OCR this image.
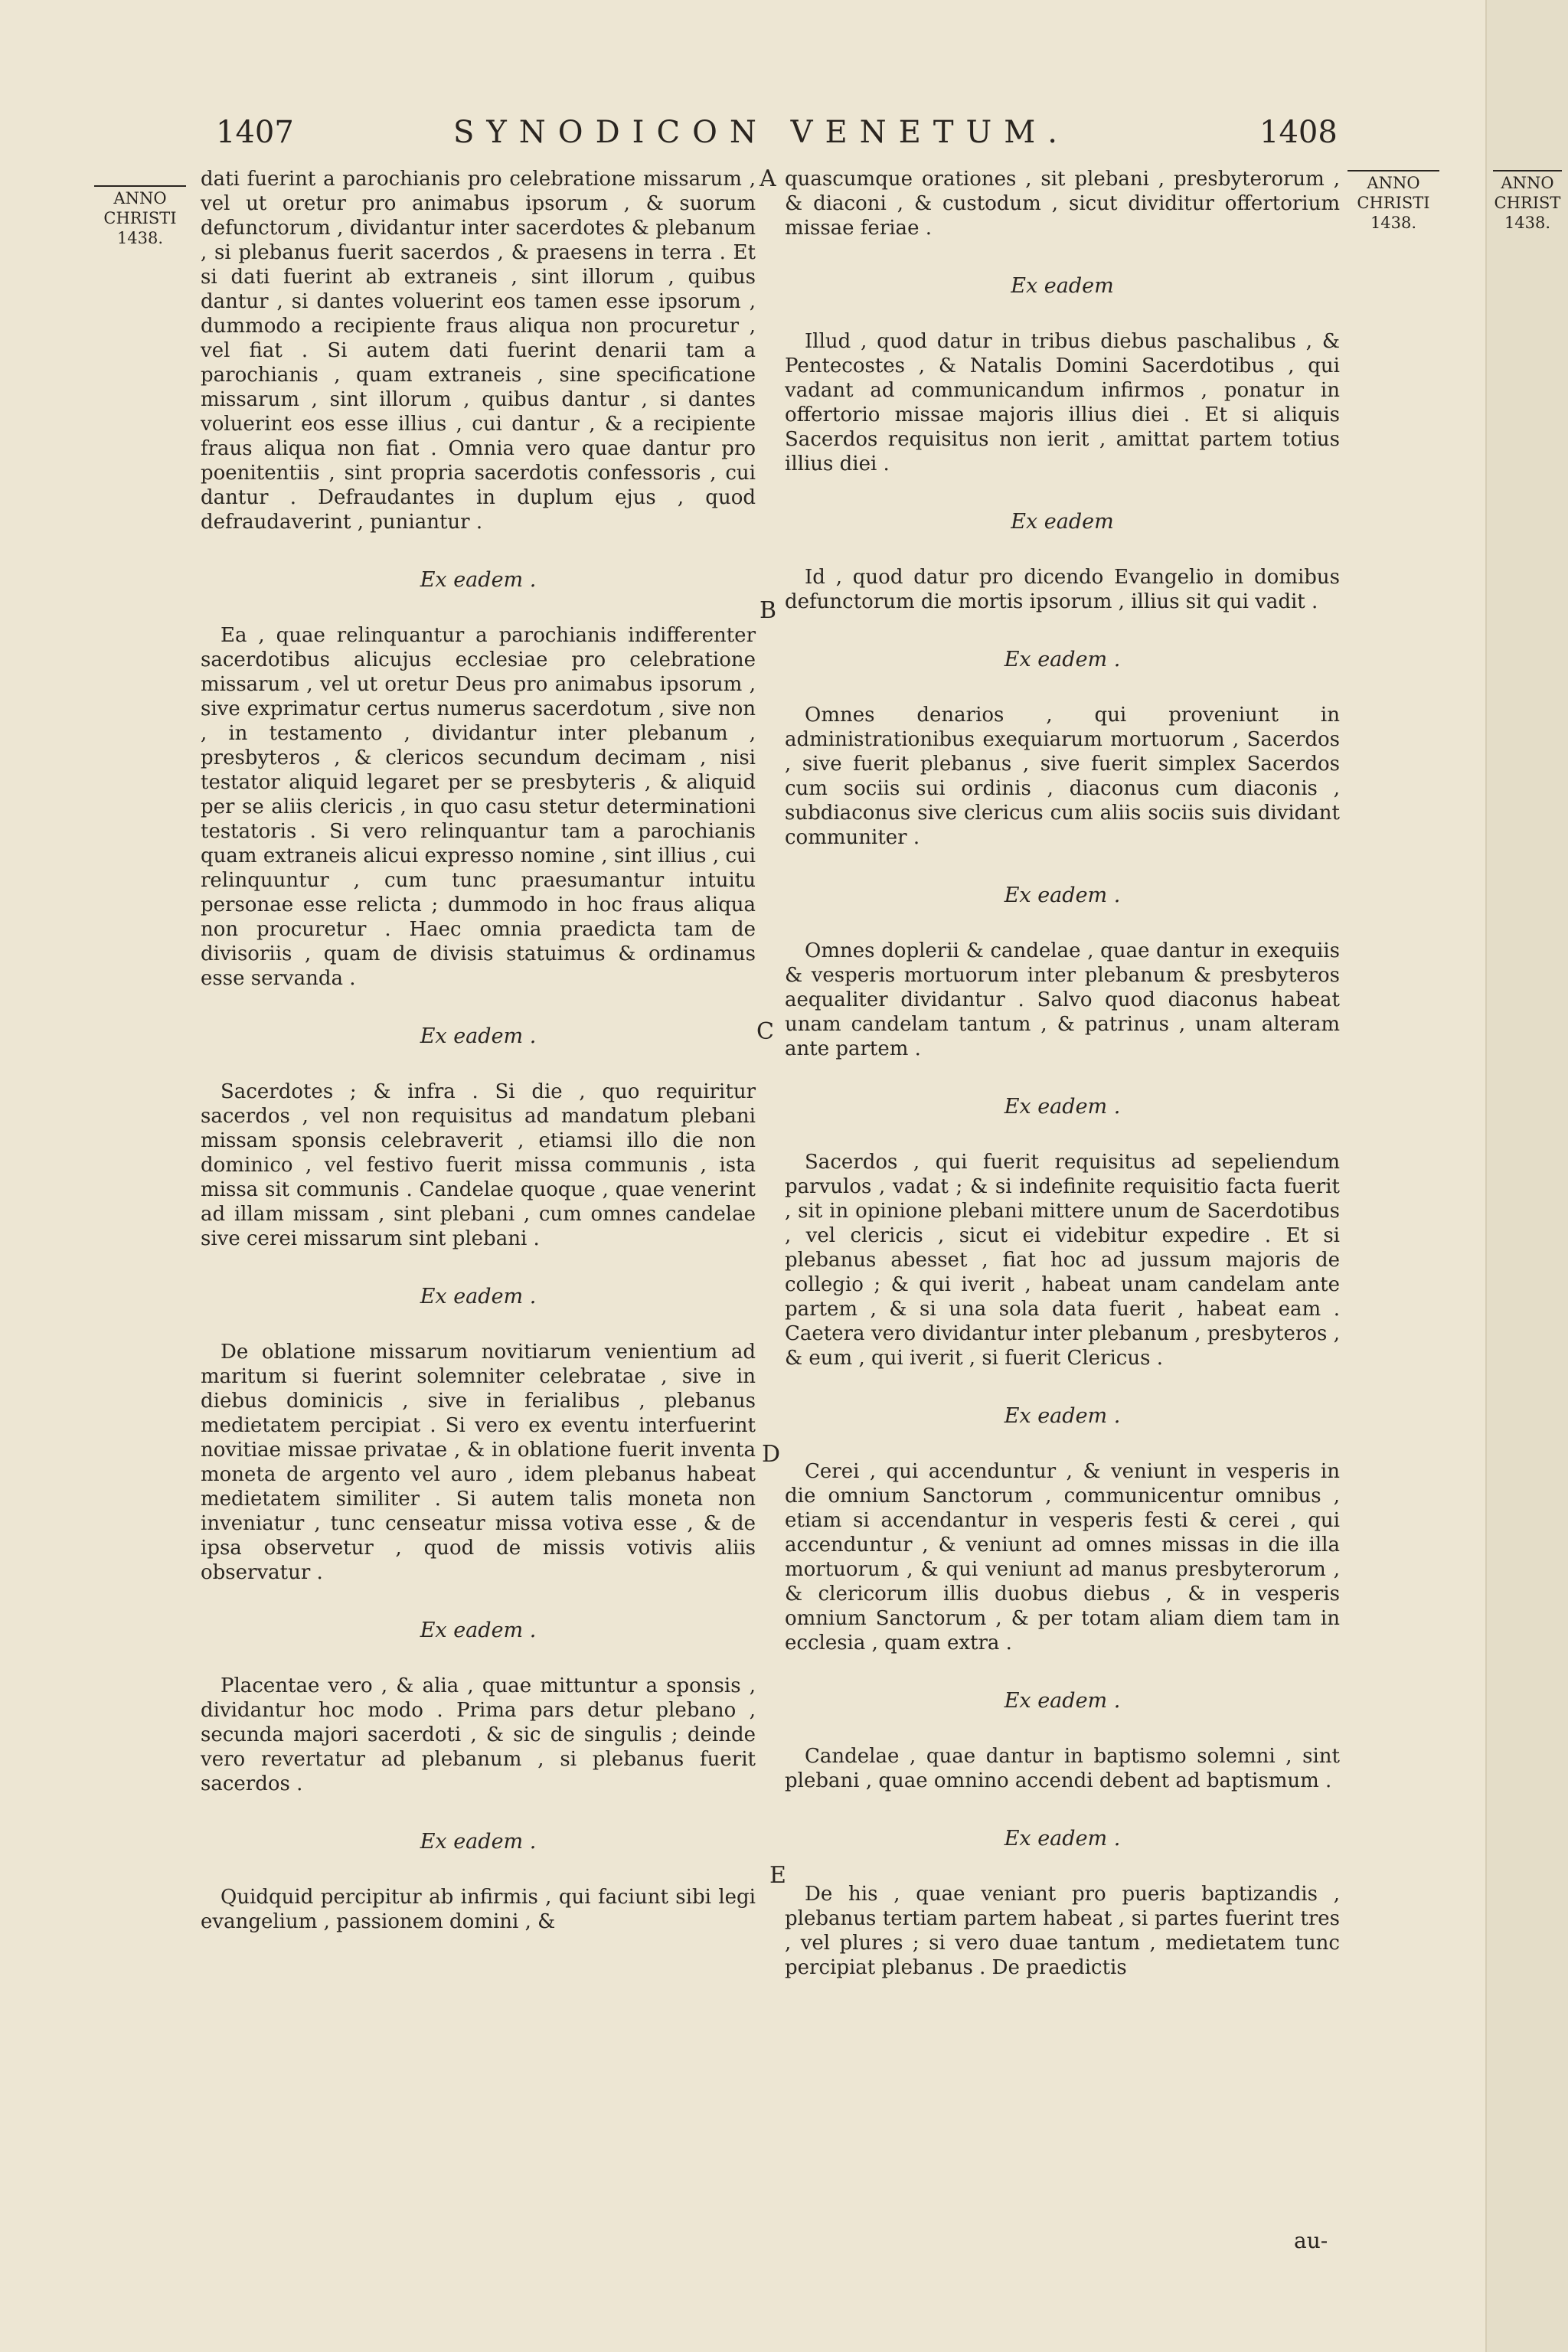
1407	SYNODICON VENETUM.	1408
ANNO
CHRISTI
1438.
ANNO
CHRISTI
1438.
ANNO
CHRIST
1438.
A
B
C
D
E

dati fuerint a parochianis pro celebratione missarum , vel ut oretur pro animabus ipsorum , & suorum defunctorum , dividantur inter sacerdotes & plebanum , si plebanus fuerit sacerdos , & praesens in terra . Et si dati fuerint ab extraneis , sint illorum , quibus dantur , si dantes voluerint eos tamen esse ipsorum , dummodo a recipiente fraus aliqua non procuretur , vel fiat . Si autem dati fuerint denarii tam a parochianis , quam extraneis , sine specificatione missarum , sint illorum , quibus dantur , si dantes voluerint eos esse illius , cui dantur , & a recipiente fraus aliqua non fiat . Omnia vero quae dantur pro poenitentiis , sint propria sacerdotis confessoris , cui dantur . Defraudantes in duplum ejus , quod defraudaverint , puniantur .

Ex eadem .

Ea , quae relinquantur a parochianis indifferenter sacerdotibus alicujus ecclesiae pro celebratione missarum , vel ut oretur Deus pro animabus ipsorum , sive exprimatur certus numerus sacerdotum , sive non , in testamento , dividantur inter plebanum , presbyteros , & clericos secundum decimam , nisi testator aliquid legaret per se presbyteris , & aliquid per se aliis clericis , in quo casu stetur determinationi testatoris . Si vero relinquantur tam a parochianis quam extraneis alicui expresso nomine , sint illius , cui relinquuntur , cum tunc praesumantur intuitu personae esse relicta ; dummodo in hoc fraus aliqua non procuretur . Haec omnia praedicta tam de divisoriis , quam de divisis statuimus & ordinamus esse servanda .

Ex eadem .

Sacerdotes ; & infra . Si die , quo requiritur sacerdos , vel non requisitus ad mandatum plebani missam sponsis celebraverit , etiamsi illo die non dominico , vel festivo fuerit missa communis , ista missa sit communis . Candelae quoque , quae venerint ad illam missam , sint plebani , cum omnes candelae sive cerei missarum sint plebani .

Ex eadem .

De oblatione missarum novitiarum venientium ad maritum si fuerint solemniter celebratae , sive in diebus dominicis , sive in ferialibus , plebanus medietatem percipiat . Si vero ex eventu interfuerint novitiae missae privatae , & in oblatione fuerit inventa moneta de argento vel auro , idem plebanus habeat medietatem similiter . Si autem talis moneta non inveniatur , tunc censeatur missa votiva esse , & de ipsa observetur , quod de missis votivis aliis observatur .

Ex eadem .

Placentae vero , & alia , quae mittuntur a sponsis , dividantur hoc modo . Prima pars detur plebano , secunda majori sacerdoti , & sic de singulis ; deinde vero revertatur ad plebanum , si plebanus fuerit sacerdos .

Ex eadem .

Quidquid percipitur ab infirmis , qui faciunt sibi legi evangelium , passionem domini , &

quascumque orationes , sit plebani , presbyterorum , & diaconi , & custodum , sicut dividitur offertorium missae feriae .

Ex eadem

Illud , quod datur in tribus diebus paschalibus , & Pentecostes , & Natalis Domini Sacerdotibus , qui vadant ad communicandum infirmos , ponatur in offertorio missae majoris illius diei . Et si aliquis Sacerdos requisitus non ierit , amittat partem totius illius diei .

Ex eadem

Id , quod datur pro dicendo Evangelio in domibus defunctorum die mortis ipsorum , illius sit qui vadit .

Ex eadem .

Omnes denarios , qui proveniunt in administrationibus exequiarum mortuorum , Sacerdos , sive fuerit plebanus , sive fuerit simplex Sacerdos cum sociis sui ordinis , diaconus cum diaconis , subdiaconus sive clericus cum aliis sociis suis dividant communiter .

Ex eadem .

Omnes doplerii & candelae , quae dantur in exequiis & vesperis mortuorum inter plebanum & presbyteros aequaliter dividantur . Salvo quod diaconus habeat unam candelam tantum , & patrinus , unam alteram ante partem .

Ex eadem .

Sacerdos , qui fuerit requisitus ad sepeliendum parvulos , vadat ; & si indefinite requisitio facta fuerit , sit in opinione plebani mittere unum de Sacerdotibus , vel clericis , sicut ei videbitur expedire . Et si plebanus abesset , fiat hoc ad jussum majoris de collegio ; & qui iverit , habeat unam candelam ante partem , & si una sola data fuerit , habeat eam . Caetera vero dividantur inter plebanum , presbyteros , & eum , qui iverit , si fuerit Clericus .

Ex eadem .

Cerei , qui accenduntur , & veniunt in vesperis in die omnium Sanctorum , communicentur omnibus , etiam si accendantur in vesperis festi & cerei , qui accenduntur , & veniunt ad omnes missas in die illa mortuorum , & qui veniunt ad manus presbyterorum , & clericorum illis duobus diebus , & in vesperis omnium Sanctorum , & per totam aliam diem tam in ecclesia , quam extra .

Ex eadem .

Candelae , quae dantur in baptismo solemni , sint plebani , quae omnino accendi debent ad baptismum .

Ex eadem .

De his , quae veniant pro pueris baptizandis , plebanus tertiam partem habeat , si partes fuerint tres , vel plures ; si vero duae tantum , medietatem tunc percipiat plebanus . De praedictis

au-
